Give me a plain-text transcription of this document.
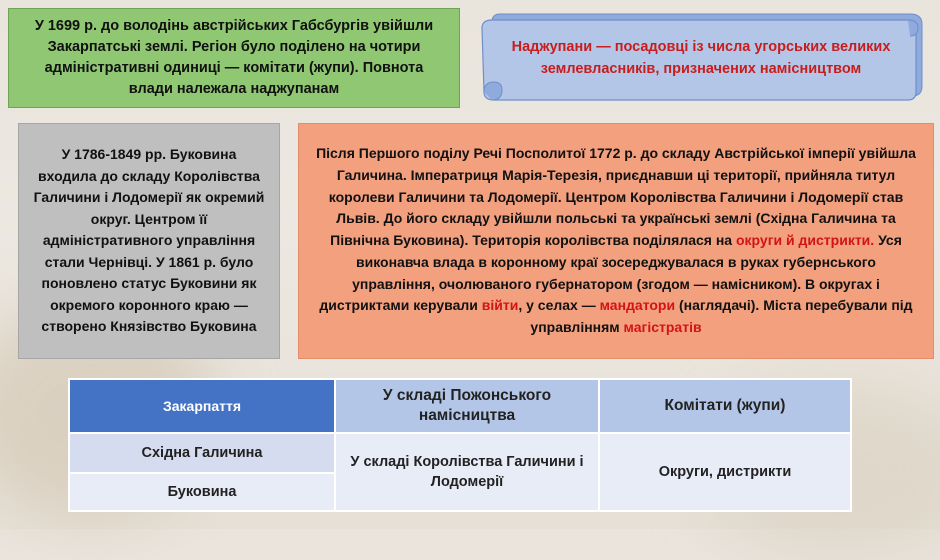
У 1699 р. до володінь австрійських Габсбургів увійшли Закарпатські землі. Регіон було поділено на чотири адміністративні одиниці — комітати (жупи). Повнота влади належала наджупанам
Наджупани — посадовці із числа угорських великих землевласників, призначених намісництвом
У 1786-1849 рр. Буковина входила до складу Королівства Галичини і Лодомерії як окремий округ. Центром її адміністративного управління стали Чернівці. У 1861 р. було поновлено статус Буковини як окремого коронного краю — створено Князівство Буковина
Після Першого поділу Речі Посполитої 1772 р. до складу Австрійської імперії увійшла Галичина. Імператриця Марія-Терезія, приєднавши ці території, прийняла титул королеви Галичини та Лодомерії. Центром Королівства Галичини і Лодомерії став Львів. До його складу увійшли польські та українські землі (Східна Галичина та Північна Буковина). Територія королівства поділялася на округи й дистрикти. Уся виконавча влада в коронному краї зосереджувалася в руках губернського управління, очолюваного губернатором (згодом — намісником). В округах і дистриктами керували війти, у селах — мандатори (наглядачі). Міста перебували під управлінням магістратів
Закарпаття	У складі Пожонського намісництва	Комітати (жупи)
Східна Галичина	У складі Королівства Галичини і Лодомерії	Округи, дистрикти
Буковина		
